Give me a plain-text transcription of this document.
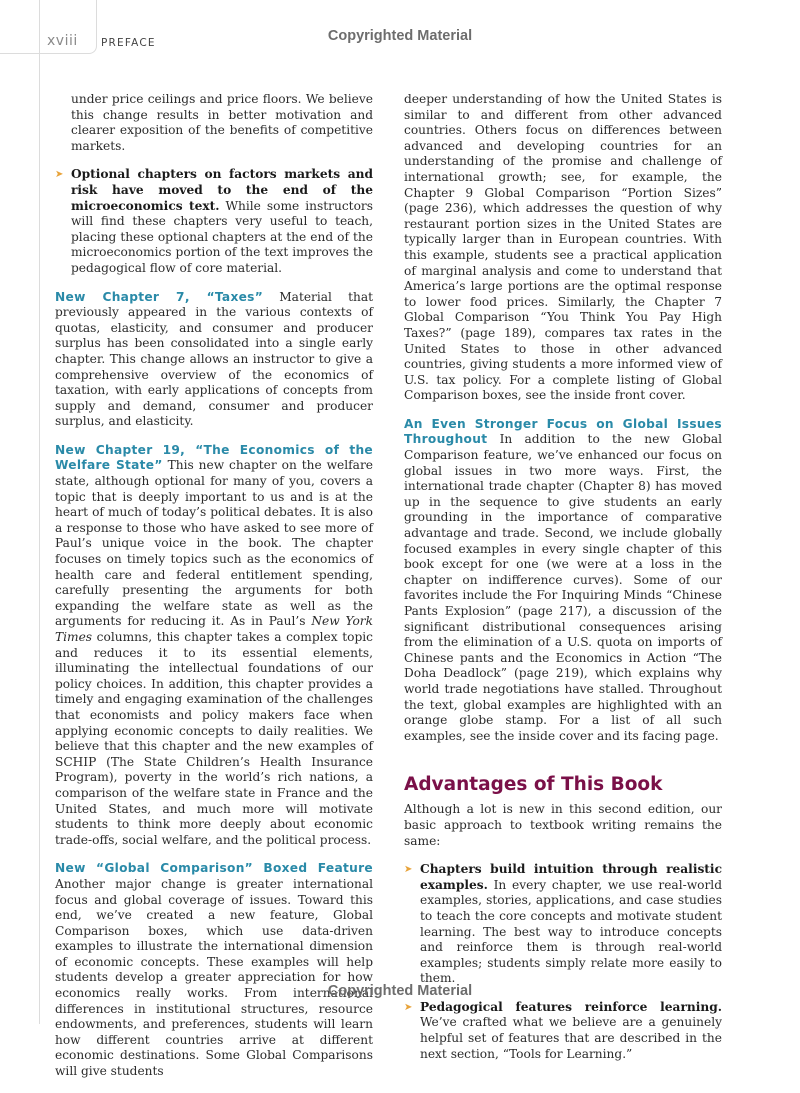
xviii PREFACE	Copyrighted Material

under price ceilings and price floors. We believe this change results in better motivation and clearer exposition of the benefits of competitive markets.

➤ Optional chapters on factors markets and risk have moved to the end of the microeconomics text. While some instructors will find these chapters very useful to teach, placing these optional chapters at the end of the microeconomics portion of the text improves the pedagogical flow of core material.

New Chapter 7, “Taxes” Material that previously appeared in the various contexts of quotas, elasticity, and consumer and producer surplus has been consolidated into a single early chapter. This change allows an instructor to give a comprehensive overview of the economics of taxation, with early applications of concepts from supply and demand, consumer and producer surplus, and elasticity.

New Chapter 19, “The Economics of the Welfare State” This new chapter on the welfare state, although optional for many of you, covers a topic that is deeply important to us and is at the heart of much of today’s political debates. It is also a response to those who have asked to see more of Paul’s unique voice in the book. The chapter focuses on timely topics such as the economics of health care and federal entitlement spending, carefully presenting the arguments for both expanding the welfare state as well as the arguments for reducing it. As in Paul’s New York Times columns, this chapter takes a complex topic and reduces it to its essential elements, illuminating the intellectual foundations of our policy choices. In addition, this chapter provides a timely and engaging examination of the challenges that economists and policy makers face when applying economic concepts to daily realities. We believe that this chapter and the new examples of SCHIP (The State Children’s Health Insurance Program), poverty in the world’s rich nations, a comparison of the welfare state in France and the United States, and much more will motivate students to think more deeply about economic trade-offs, social welfare, and the political process.

New “Global Comparison” Boxed Feature Another major change is greater international focus and global coverage of issues. Toward this end, we’ve created a new feature, Global Comparison boxes, which use data-driven examples to illustrate the international dimension of economic concepts. These examples will help students develop a greater appreciation for how economics really works. From international differences in institutional structures, resource endowments, and preferences, students will learn how different countries arrive at different economic destinations. Some Global Comparisons will give students

deeper understanding of how the United States is similar to and different from other advanced countries. Others focus on differences between advanced and developing countries for an understanding of the promise and challenge of international growth; see, for example, the Chapter 9 Global Comparison “Portion Sizes” (page 236), which addresses the question of why restaurant portion sizes in the United States are typically larger than in European countries. With this example, students see a practical application of marginal analysis and come to understand that America’s large portions are the optimal response to lower food prices. Similarly, the Chapter 7 Global Comparison “You Think You Pay High Taxes?” (page 189), compares tax rates in the United States to those in other advanced countries, giving students a more informed view of U.S. tax policy. For a complete listing of Global Comparison boxes, see the inside front cover.

An Even Stronger Focus on Global Issues Throughout In addition to the new Global Comparison feature, we’ve enhanced our focus on global issues in two more ways. First, the international trade chapter (Chapter 8) has moved up in the sequence to give students an early grounding in the importance of comparative advantage and trade. Second, we include globally focused examples in every single chapter of this book except for one (we were at a loss in the chapter on indifference curves). Some of our favorites include the For Inquiring Minds “Chinese Pants Explosion” (page 217), a discussion of the significant distributional consequences arising from the elimination of a U.S. quota on imports of Chinese pants and the Economics in Action “The Doha Deadlock” (page 219), which explains why world trade negotiations have stalled. Throughout the text, global examples are highlighted with an orange globe stamp. For a list of all such examples, see the inside cover and its facing page.

Advantages of This Book

Although a lot is new in this second edition, our basic approach to textbook writing remains the same:

➤ Chapters build intuition through realistic examples. In every chapter, we use real-world examples, stories, applications, and case studies to teach the core concepts and motivate student learning. The best way to introduce concepts and reinforce them is through real-world examples; students simply relate more easily to them.
➤ Pedagogical features reinforce learning. We’ve crafted what we believe are a genuinely helpful set of features that are described in the next section, “Tools for Learning.”
Copyrighted Material
